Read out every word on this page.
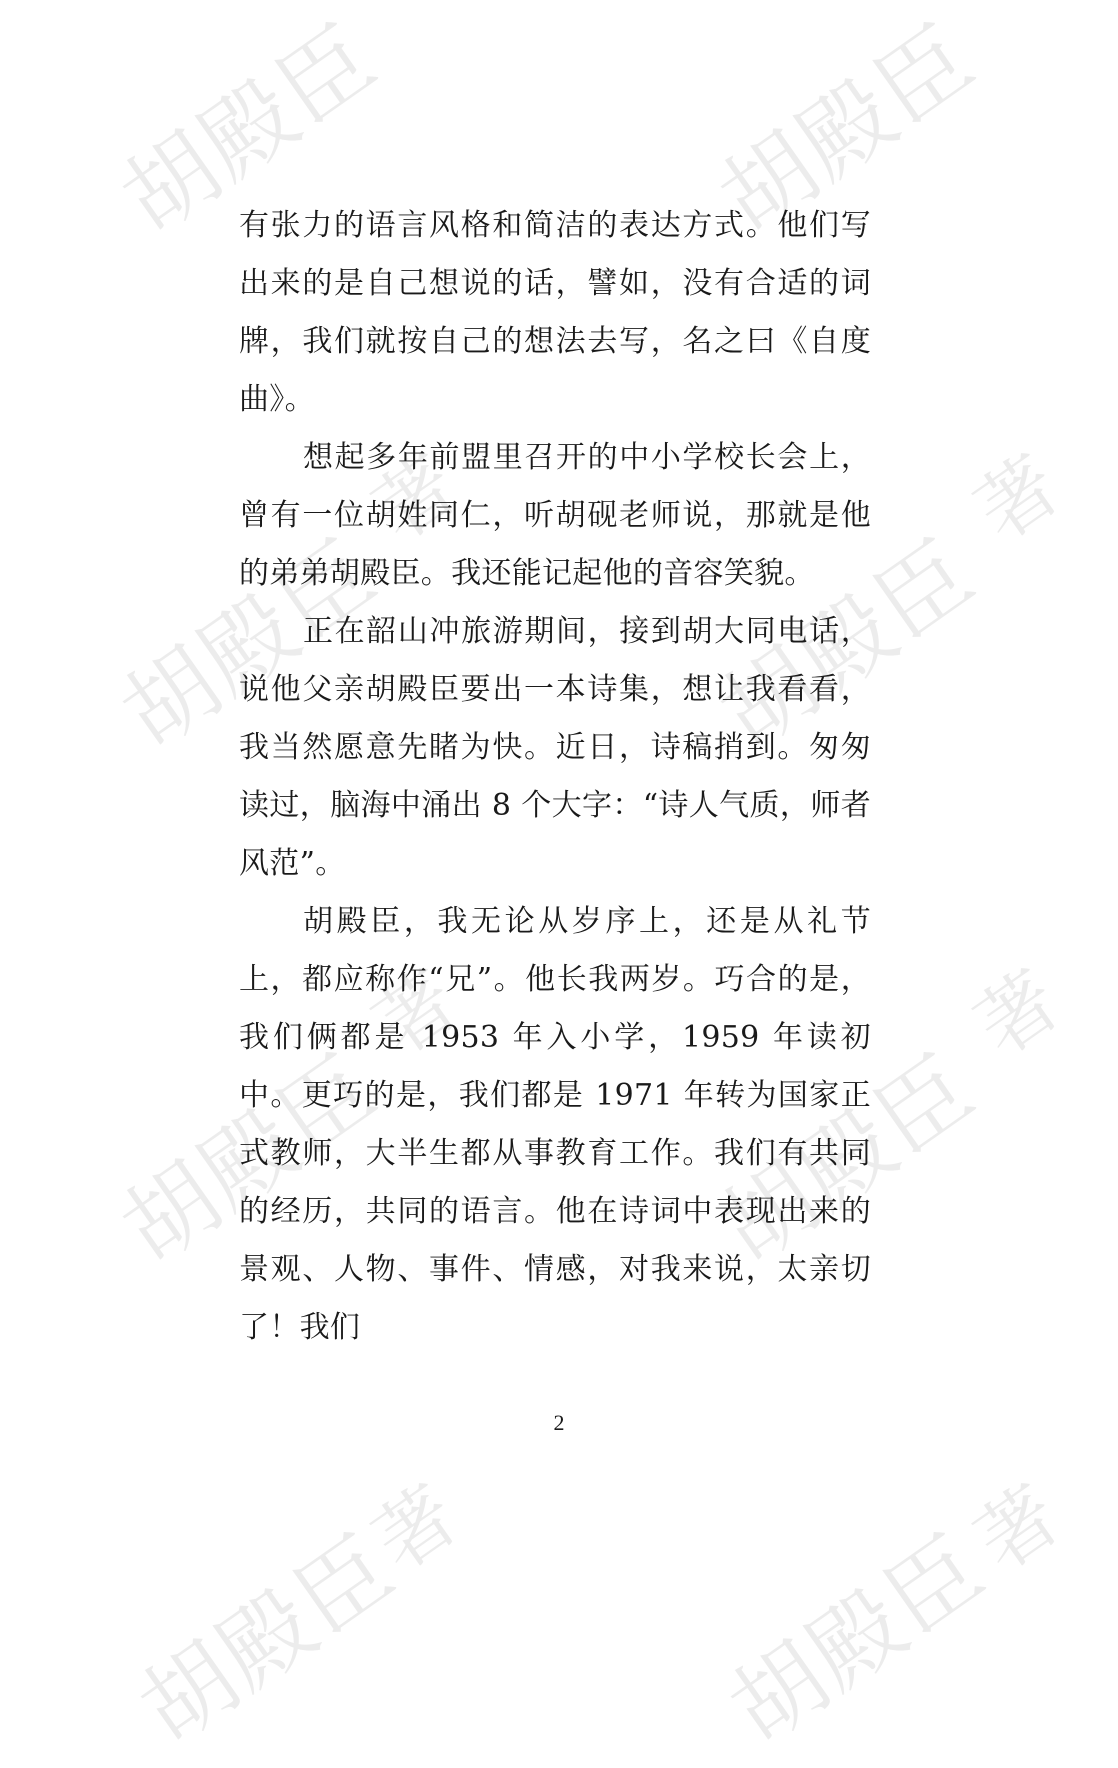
胡殿臣	胡殿臣
著	著
胡殿臣	胡殿臣
著	著
胡殿臣	胡殿臣
著	著
胡殿臣	胡殿臣

有张力的语言风格和简洁的表达方式。他们写出来的是自己想说的话，譬如，没有合适的词牌，我们就按自己的想法去写，名之曰《自度曲》。

想起多年前盟里召开的中小学校长会上，曾有一位胡姓同仁，听胡砚老师说，那就是他的弟弟胡殿臣。我还能记起他的音容笑貌。

正在韶山冲旅游期间，接到胡大同电话，说他父亲胡殿臣要出一本诗集，想让我看看，我当然愿意先睹为快。近日，诗稿捎到。匆匆读过，脑海中涌出 8 个大字：“诗人气质，师者风范”。

胡殿臣，我无论从岁序上，还是从礼节上，都应称作“兄”。他长我两岁。巧合的是，我们俩都是 1953 年入小学，1959 年读初中。更巧的是，我们都是 1971 年转为国家正式教师，大半生都从事教育工作。我们有共同的经历，共同的语言。他在诗词中表现出来的景观、人物、事件、情感，对我来说，太亲切了！我们

2
